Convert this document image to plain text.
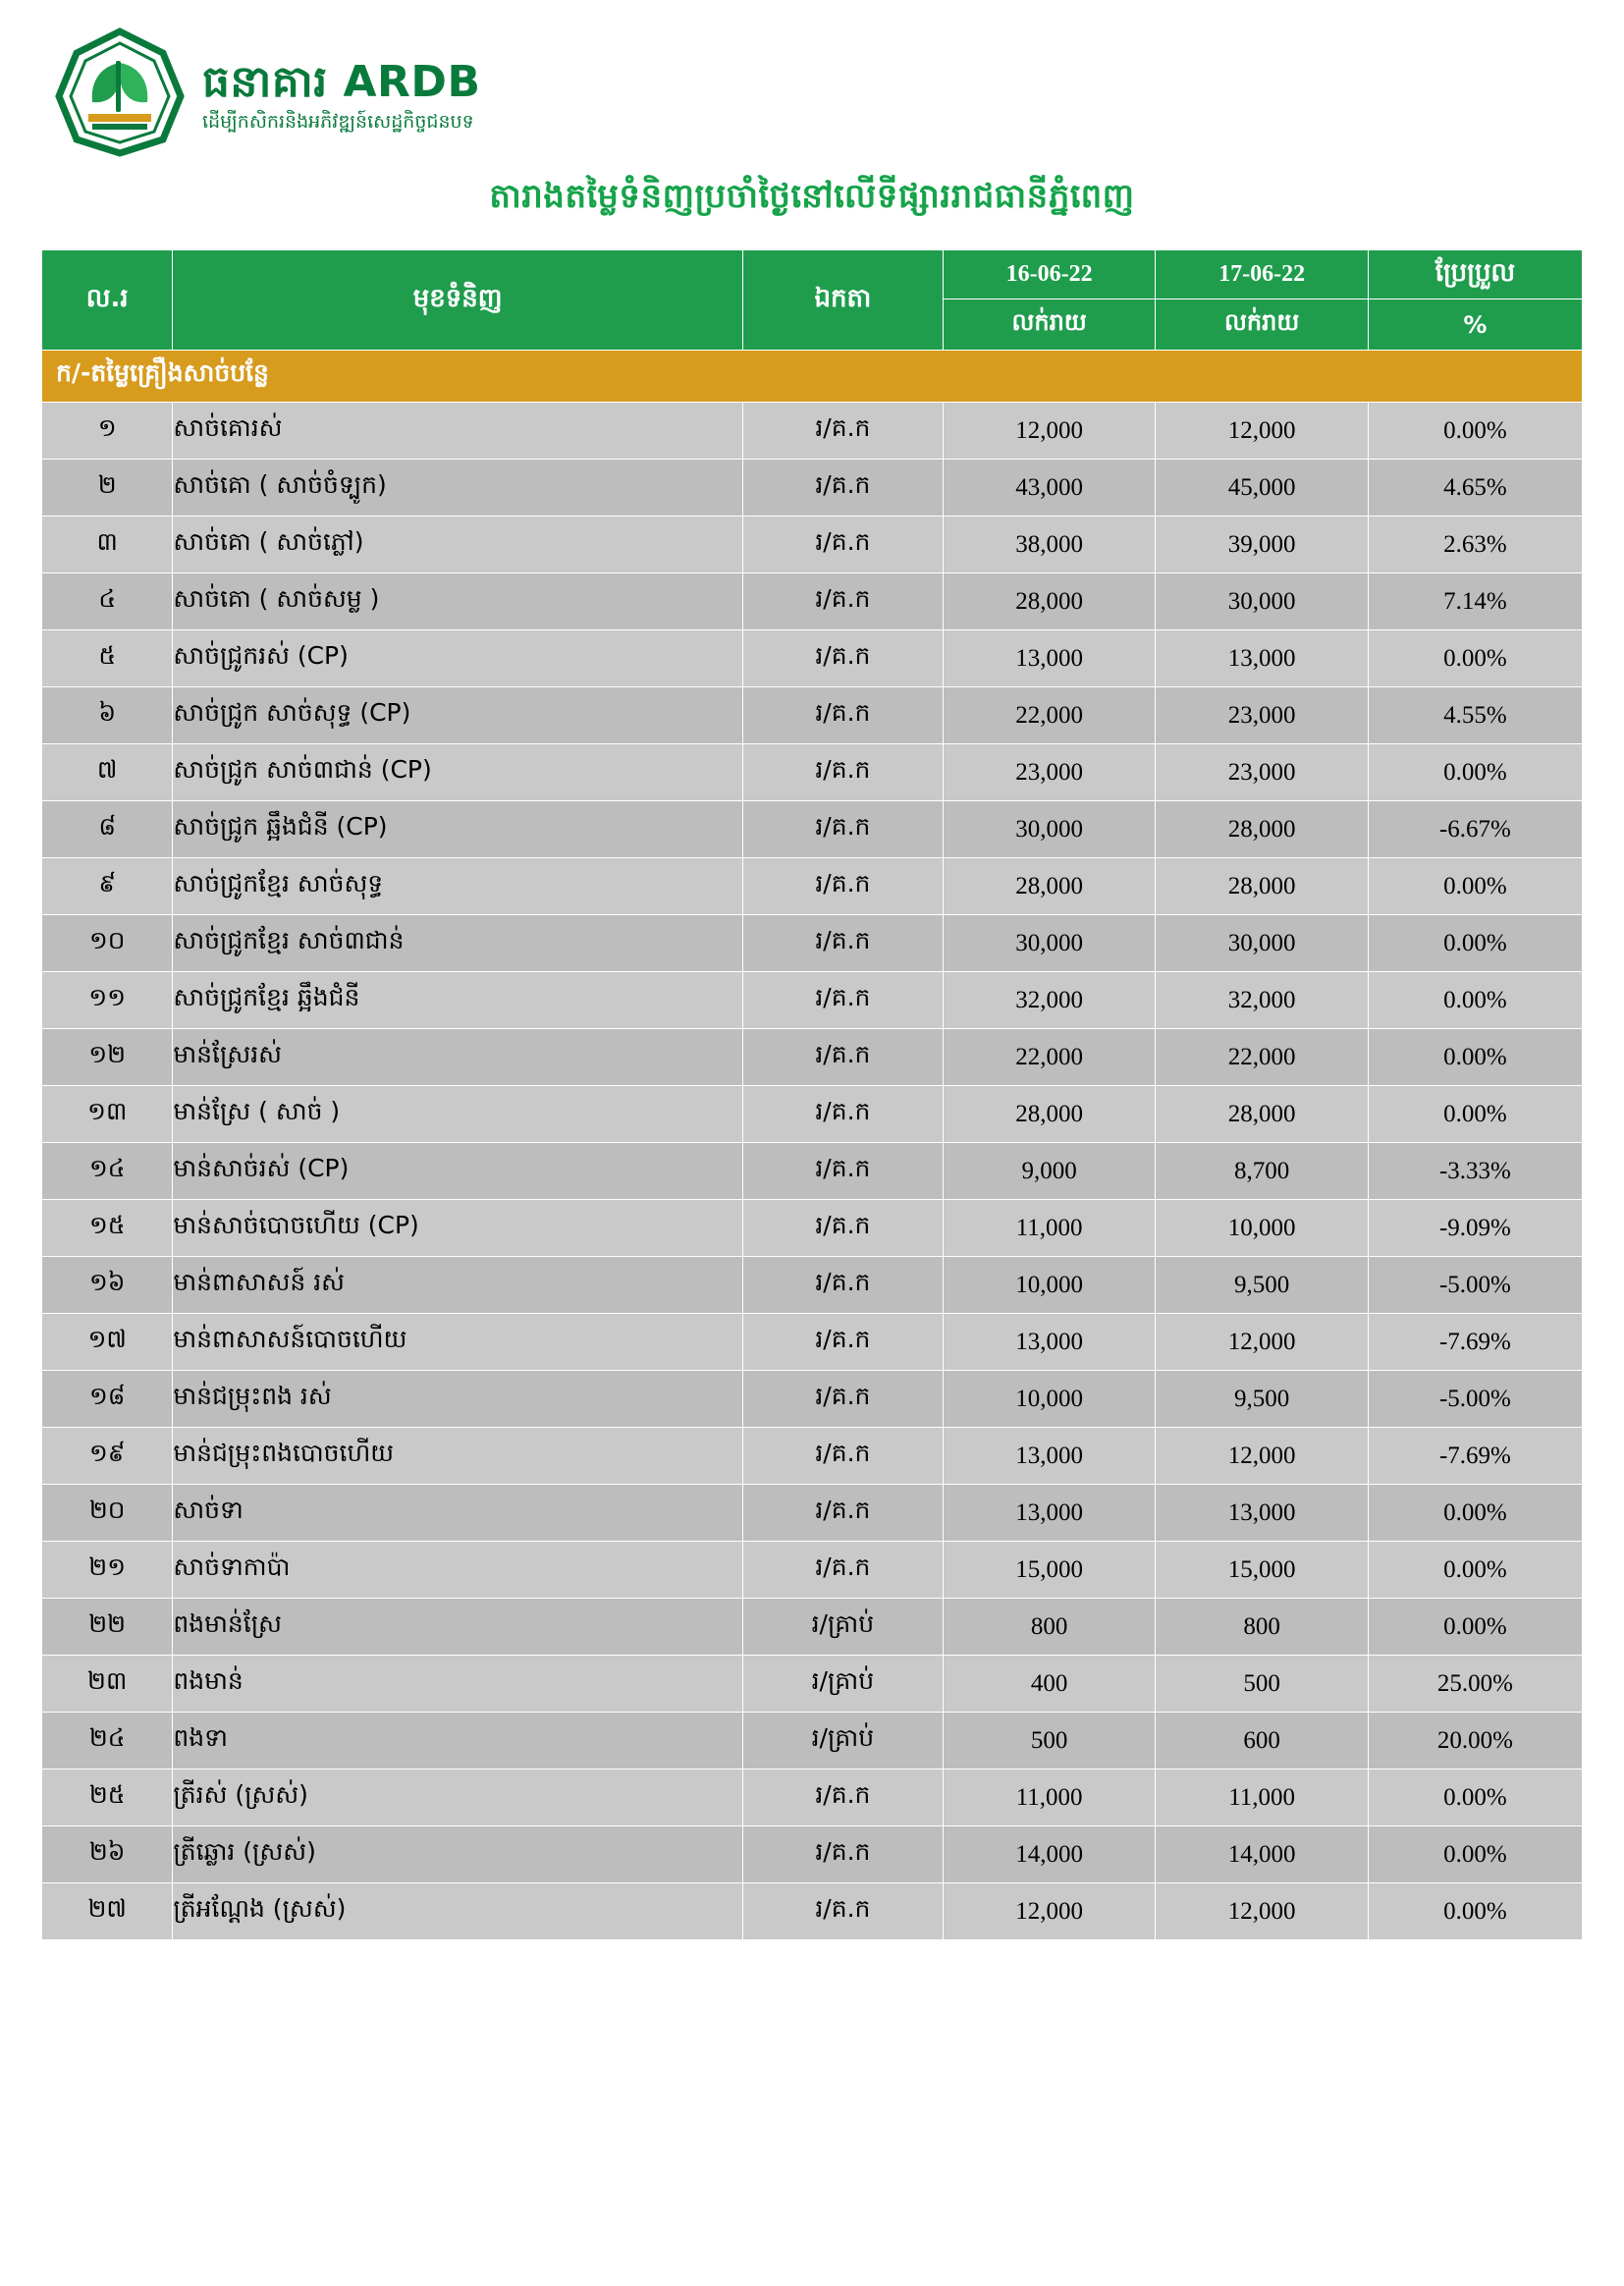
ធនាគារ ARDB
ដើម្បីកសិករនិងអភិវឌ្ឍន៍សេដ្ឋកិច្ចជនបទ
តារាងតម្លៃទំនិញប្រចាំថ្ងៃនៅលើទីផ្សាររាជធានីភ្នំពេញ
ល.រ	មុខទំនិញ	ឯកតា	16-06-22	17-06-22	ប្រែប្រួល
			លក់រាយ	លក់រាយ	%
ក/-តម្លៃគ្រឿងសាច់បន្លែ					
១	សាច់គោរស់	រ/គ.ក	12,000	12,000	0.00%
២	សាច់គោ ( សាច់ចំទ្បូក)	រ/គ.ក	43,000	45,000	4.65%
៣	សាច់គោ ( សាច់ភ្លៅ)	រ/គ.ក	38,000	39,000	2.63%
៤	សាច់គោ ( សាច់សម្ល )	រ/គ.ក	28,000	30,000	7.14%
៥	សាច់ជ្រូករស់ (CP)	រ/គ.ក	13,000	13,000	0.00%
៦	សាច់ជ្រូក សាច់សុទ្ធ (CP)	រ/គ.ក	22,000	23,000	4.55%
៧	សាច់ជ្រូក សាច់៣ជាន់ (CP)	រ/គ.ក	23,000	23,000	0.00%
៨	សាច់ជ្រូក ឆ្អឹងជំនី (CP)	រ/គ.ក	30,000	28,000	-6.67%
៩	សាច់ជ្រូកខ្មែរ សាច់សុទ្ធ	រ/គ.ក	28,000	28,000	0.00%
១០	សាច់ជ្រូកខ្មែរ សាច់៣ជាន់	រ/គ.ក	30,000	30,000	0.00%
១១	សាច់ជ្រូកខ្មែរ ឆ្អឹងជំនី	រ/គ.ក	32,000	32,000	0.00%
១២	មាន់ស្រែរស់	រ/គ.ក	22,000	22,000	0.00%
១៣	មាន់ស្រែ ( សាច់ )	រ/គ.ក	28,000	28,000	0.00%
១៤	មាន់សាច់រស់ (CP)	រ/គ.ក	9,000	8,700	-3.33%
១៥	មាន់សាច់បោចហើយ (CP)	រ/គ.ក	11,000	10,000	-9.09%
១៦	មាន់ពាសាសន៍ រស់	រ/គ.ក	10,000	9,500	-5.00%
១៧	មាន់ពាសាសន៍បោចហើយ	រ/គ.ក	13,000	12,000	-7.69%
១៨	មាន់ជម្រុះពង រស់	រ/គ.ក	10,000	9,500	-5.00%
១៩	មាន់ជម្រុះពងបោចហើយ	រ/គ.ក	13,000	12,000	-7.69%
២០	សាច់ទា	រ/គ.ក	13,000	13,000	0.00%
២១	សាច់ទាកាប៉ា	រ/គ.ក	15,000	15,000	0.00%
២២	ពងមាន់ស្រែ	រ/គ្រាប់	800	800	0.00%
២៣	ពងមាន់	រ/គ្រាប់	400	500	25.00%
២៤	ពងទា	រ/គ្រាប់	500	600	20.00%
២៥	ត្រីរស់ (ស្រស់)	រ/គ.ក	11,000	11,000	0.00%
២៦	ត្រីឆ្លោរ (ស្រស់)	រ/គ.ក	14,000	14,000	0.00%
២៧	ត្រីអណ្តែង (ស្រស់)	រ/គ.ក	12,000	12,000	0.00%
